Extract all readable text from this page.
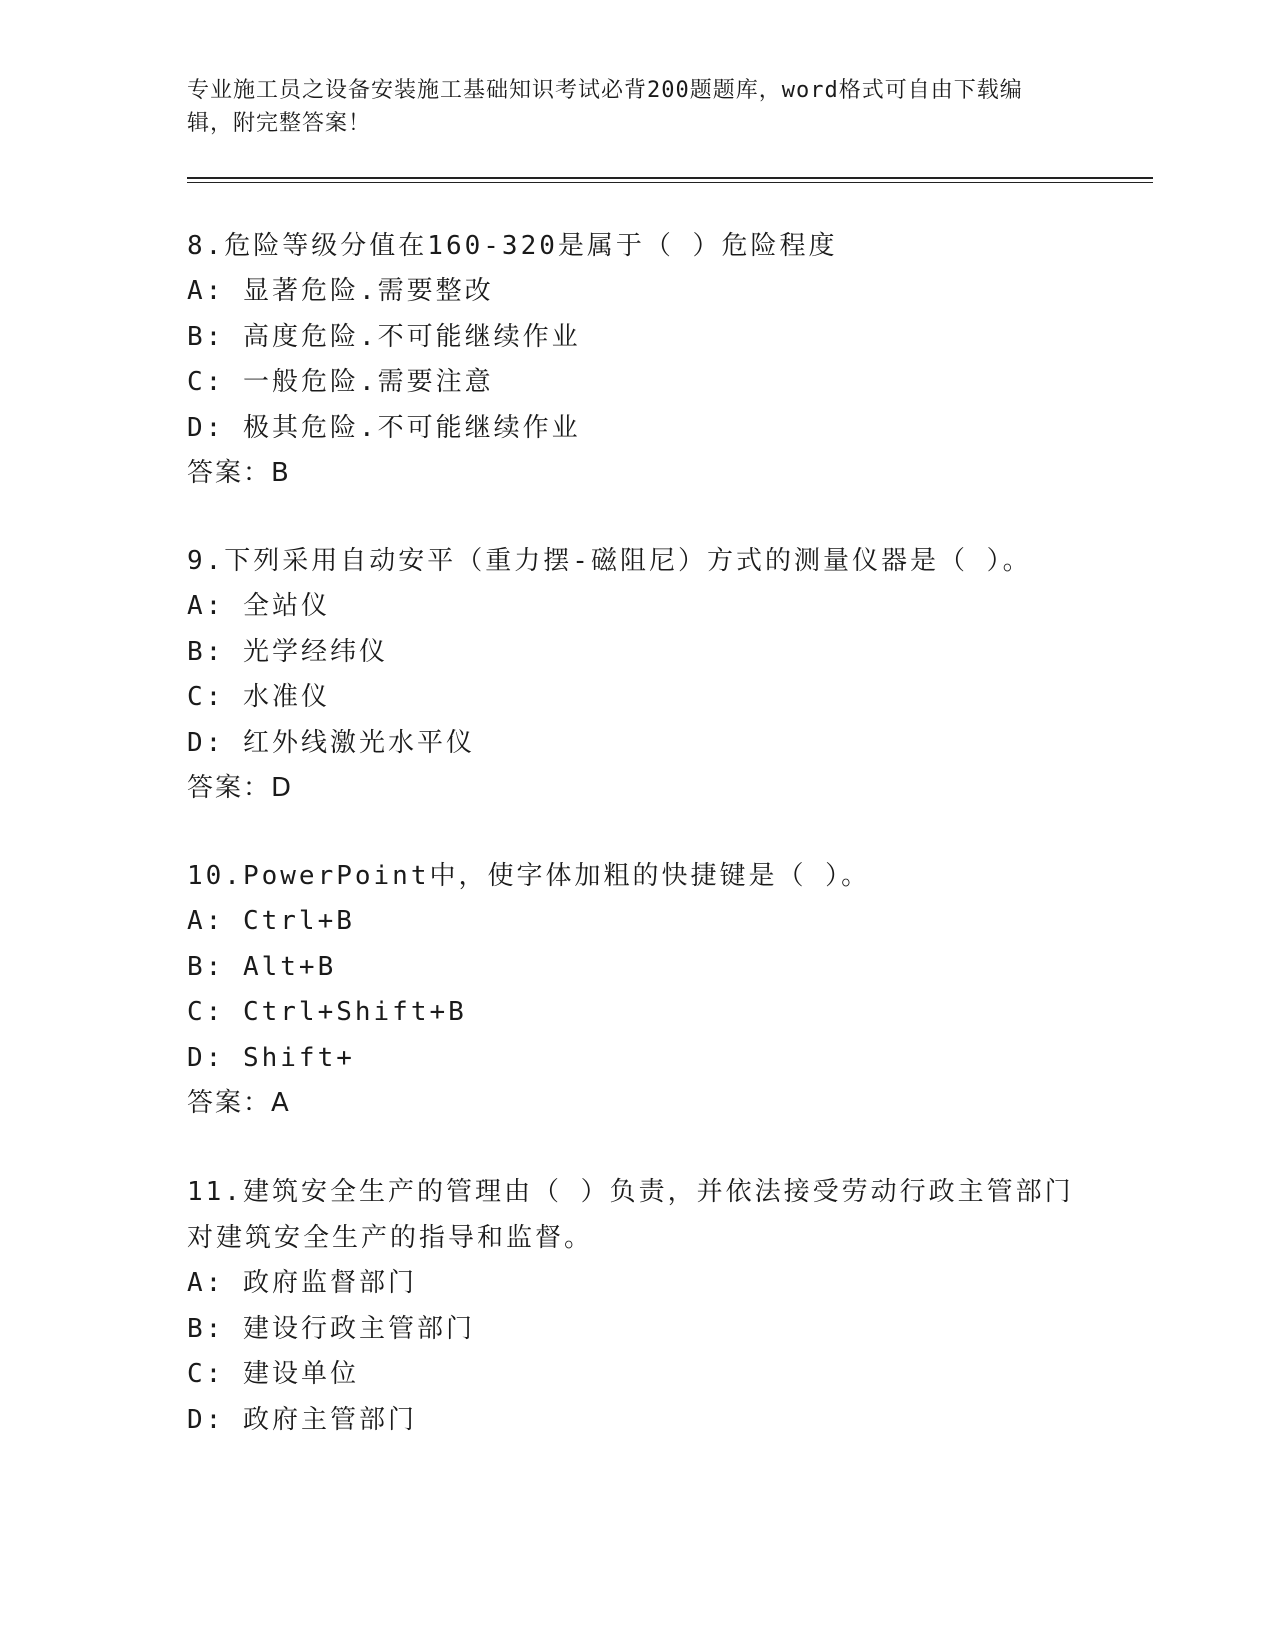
专业施工员之设备安装施工基础知识考试必背200题题库，word格式可自由下载编辑，附完整答案！
8.危险等级分值在160-320是属于（ ）危险程度
A: 显著危险.需要整改
B: 高度危险.不可能继续作业
C: 一般危险.需要注意
D: 极其危险.不可能继续作业
答案：B
9.下列采用自动安平（重力摆-磁阻尼）方式的测量仪器是（ ）。
A: 全站仪
B: 光学经纬仪
C: 水准仪
D: 红外线激光水平仪
答案：D
10.PowerPoint中，使字体加粗的快捷键是（ ）。
A: Ctrl+B
B: Alt+B
C: Ctrl+Shift+B
D: Shift+
答案：A
11.建筑安全生产的管理由（ ）负责，并依法接受劳动行政主管部门对建筑安全生产的指导和监督。
A: 政府监督部门
B: 建设行政主管部门
C: 建设单位
D: 政府主管部门
